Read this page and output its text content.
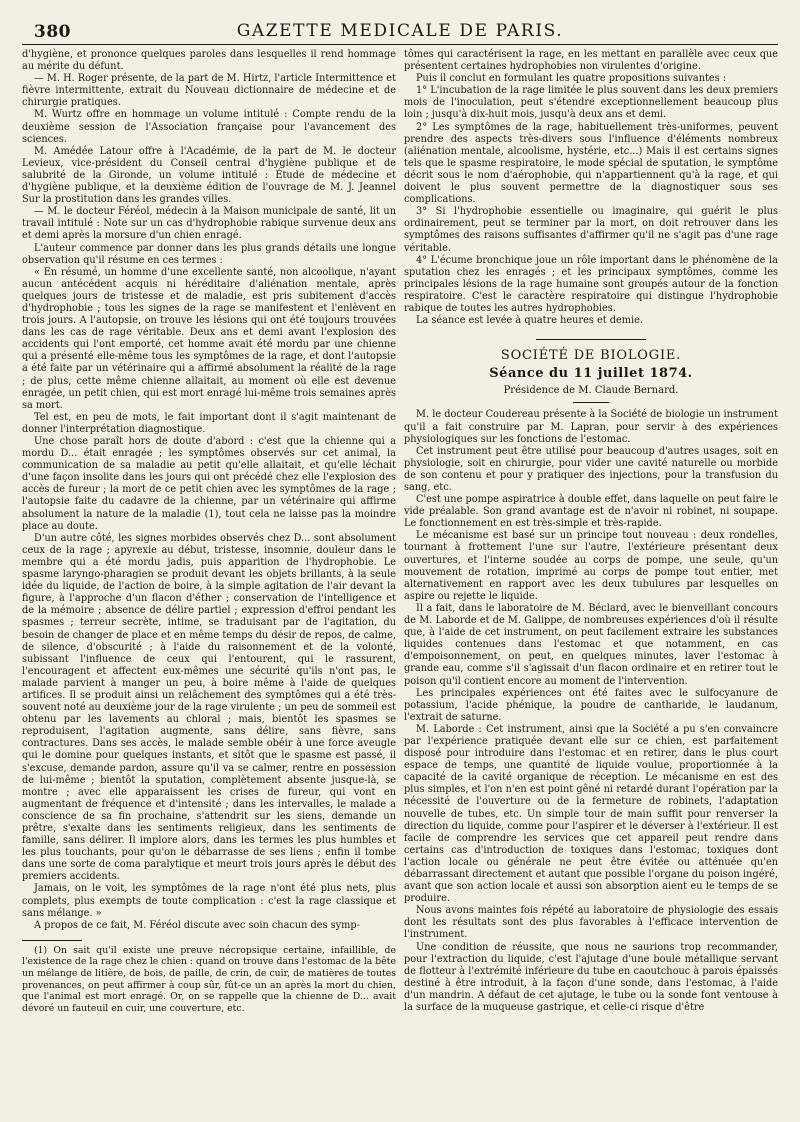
380	GAZETTE MEDICALE DE PARIS.

d'hygiène, et prononce quelques paroles dans lesquelles il rend hommage au mérite du défunt.

— M. H. Roger présente, de la part de M. Hirtz, l'article Intermittence et fièvre intermittente, extrait du Nouveau dictionnaire de médecine et de chirurgie pratiques.

M. Wurtz offre en hommage un volume intitulé : Compte rendu de la deuxième session de l'Association française pour l'avancement des sciences.

M. Amédée Latour offre à l'Académie, de la part de M. le docteur Levieux, vice-président du Conseil central d'hygiène publique et de salubrité de la Gironde, un volume intitulé : Étude de médecine et d'hygiène publique, et la deuxième édition de l'ouvrage de M. J. Jeannel Sur la prostitution dans les grandes villes.

— M. le docteur Féréol, médecin à la Maison municipale de santé, lit un travail intitulé : Note sur un cas d'hydrophobie rabique survenue deux ans et demi après la morsure d'un chien enragé.

L'auteur commence par donner dans les plus grands détails une longue observation qu'il résume en ces termes :

« En résumé, un homme d'une excellente santé, non alcoolique, n'ayant aucun antécédent acquis ni héréditaire d'aliénation mentale, après quelques jours de tristesse et de maladie, est pris subitement d'accès d'hydrophobie ; tous les signes de la rage se manifestent et l'enlèvent en trois jours. A l'autopsie, on trouve les lésions qui ont été toujours trouvées dans les cas de rage véritable. Deux ans et demi avant l'explosion des accidents qui l'ont emporté, cet homme avait été mordu par une chienne qui a présenté elle-même tous les symptômes de la rage, et dont l'autopsie a été faite par un vétérinaire qui a affirmé absolument la réalité de la rage ; de plus, cette même chienne allaitait, au moment où elle est devenue enragée, un petit chien, qui est mort enragé lui-même trois semaines après sa mort.

Tel est, en peu de mots, le fait important dont il s'agit maintenant de donner l'interprétation diagnostique.

Une chose paraît hors de doute d'abord : c'est que la chienne qui a mordu D... était enragée ; les symptômes observés sur cet animal, la communication de sa maladie au petit qu'elle allaitait, et qu'elle léchait d'une façon insolite dans les jours qui ont précédé chez elle l'explosion des accès de fureur ; la mort de ce petit chien avec les symptômes de la rage ; l'autopsie faite du cadavre de la chienne, par un vétérinaire qui affirme absolument la nature de la maladie (1), tout cela ne laisse pas la moindre place au doute.

D'un autre côté, les signes morbides observés chez D... sont absolument ceux de la rage ; apyrexie au début, tristesse, insomnie, douleur dans le membre qui a été mordu jadis, puis apparition de l'hydrophobie. Le spasme laryngo-pharagien se produit devant les objets brillants, à la seule idée du liquide, de l'action de boire, à la simple agitation de l'air devant la figure, à l'approche d'un flacon d'éther ; conservation de l'intelligence et de la mémoire ; absence de délire partiel ; expression d'effroi pendant les spasmes ; terreur secrète, intime, se traduisant par de l'agitation, du besoin de changer de place et en même temps du désir de repos, de calme, de silence, d'obscurité ; à l'aide du raisonnement et de la volonté, subissant l'influence de ceux qui l'entourent, qui le rassurent, l'encouragent et affectent eux-mêmes une sécurité qu'ils n'ont pas, le malade parvient à manger un peu, à boire même à l'aide de quelques artifices. Il se produit ainsi un relâchement des symptômes qui a été très-souvent noté au deuxième jour de la rage virulente ; un peu de sommeil est obtenu par les lavements au chloral ; mais, bientôt les spasmes se reproduisent, l'agitation augmente, sans délire, sans fièvre, sans contractures. Dans ses accès, le malade semble obéir à une force aveugle qui le domine pour quelques instants, et sitôt que le spasme est passé, il s'excuse, demande pardon, assure qu'il va se calmer, rentre en possession de lui-même ; bientôt la sputation, complètement absente jusque-là, se montre ; avec elle apparaissent les crises de fureur, qui vont en augmentant de fréquence et d'intensité ; dans les intervalles, le malade a conscience de sa fin prochaine, s'attendrit sur les siens, demande un prêtre, s'exalte dans les sentiments religieux, dans les sentiments de famille, sans délirer. Il implore alors, dans les termes les plus humbles et les plus touchants, pour qu'on le débarrasse de ses liens ; enfin il tombe dans une sorte de coma paralytique et meurt trois jours après le début des premiers accidents.

Jamais, on le voit, les symptômes de la rage n'ont été plus nets, plus complets, plus exempts de toute complication : c'est la rage classique et sans mélange. »

A propos de ce fait, M. Féréol discute avec soin chacun des symp-

(1) On sait qu'il existe une preuve nécropsique certaine, infaillible, de l'existence de la rage chez le chien : quand on trouve dans l'estomac de la bête un mélange de litière, de bois, de paille, de crin, de cuir, de matières de toutes provenances, on peut affirmer à coup sûr, fût-ce un an après la mort du chien, que l'animal est mort enragé. Or, on se rappelle que la chienne de D... avait dévoré un fauteuil en cuir, une couverture, etc.

tômes qui caractérisent la rage, en les mettant en parallèle avec ceux que présentent certaines hydrophobies non virulentes d'origine.

Puis il conclut en formulant les quatre propositions suivantes :

1° L'incubation de la rage limitée le plus souvent dans les deux premiers mois de l'inoculation, peut s'étendre exceptionnellement beaucoup plus loin ; jusqu'à dix-huit mois, jusqu'à deux ans et demi.

2° Les symptômes de la rage, habituellement très-uniformes, peuvent prendre des aspects très-divers sous l'influence d'éléments nombreux (aliénation mentale, alcoolisme, hystérie, etc...) Mais il est certains signes tels que le spasme respiratoire, le mode spécial de sputation, le symptôme décrit sous le nom d'aérophobie, qui n'appartiennent qu'à la rage, et qui doivent le plus souvent permettre de la diagnostiquer sous ses complications.

3° Si l'hydrophobie essentielle ou imaginaire, qui guérit le plus ordinairement, peut se terminer par la mort, on doit retrouver dans les symptômes des raisons suffisantes d'affirmer qu'il ne s'agit pas d'une rage véritable.

4° L'écume bronchique joue un rôle important dans le phénomène de la sputation chez les enragés ; et les principaux symptômes, comme les principales lésions de la rage humaine sont groupés autour de la fonction respiratoire. C'est le caractère respiratoire qui distingue l'hydrophobie rabique de toutes les autres hydrophobies.

La séance est levée à quatre heures et demie.

SOCIÉTÉ DE BIOLOGIE.
Séance du 11 juillet 1874.
Présidence de M. Claude Bernard.

M. le docteur Coudereau présente à la Société de biologie un instrument qu'il a fait construire par M. Lapran, pour servir à des expériences physiologiques sur les fonctions de l'estomac.

Cet instrument peut être utilisé pour beaucoup d'autres usages, soit en physiologie, soit en chirurgie, pour vider une cavité naturelle ou morbide de son contenu et pour y pratiquer des injections, pour la transfusion du sang, etc.

C'est une pompe aspiratrice à double effet, dans laquelle on peut faire le vide préalable. Son grand avantage est de n'avoir ni robinet, ni soupape. Le fonctionnement en est très-simple et très-rapide.

Le mécanisme est basé sur un principe tout nouveau : deux rondelles, tournant à frottement l'une sur l'autre, l'extérieure présentant deux ouvertures, et l'interne soudée au corps de pompe, une seule, qu'un mouvement de rotation, imprimé au corps de pompe tout entier, met alternativement en rapport avec les deux tubulures par lesquelles on aspire ou rejette le liquide.

Il a fait, dans le laboratoire de M. Béclard, avec le bienveillant concours de M. Laborde et de M. Galippe, de nombreuses expériences d'où il résulte que, à l'aide de cet instrument, on peut facilement extraire les substances liquides contenues dans l'estomac et que notamment, en cas d'empoisonnement, on peut, en quelques minutes, laver l'estomac à grande eau, comme s'il s'agissait d'un flacon ordinaire et en retirer tout le poison qu'il contient encore au moment de l'intervention.

Les principales expériences ont été faites avec le sulfocyanure de potassium, l'acide phénique, la poudre de cantharide, le laudanum, l'extrait de saturne.

M. Laborde : Cet instrument, ainsi que la Société a pu s'en convaincre par l'expérience pratiquée devant elle sur ce chien, est parfaitement disposé pour introduire dans l'estomac et en retirer, dans le plus court espace de temps, une quantité de liquide voulue, proportionnée à la capacité de la cavité organique de réception. Le mécanisme en est des plus simples, et l'on n'en est point gêné ni retardé durant l'opération par la nécessité de l'ouverture ou de la fermeture de robinets, l'adaptation nouvelle de tubes, etc. Un simple tour de main suffit pour renverser la direction du liquide, comme pour l'aspirer et le déverser à l'extérieur. Il est facile de comprendre les services que cet appareil peut rendre dans certains cas d'introduction de toxiques dans l'estomac, toxiques dont l'action locale ou générale ne peut être évitée ou atténuée qu'en débarrassant directement et autant que possible l'organe du poison ingéré, avant que son action locale et aussi son absorption aient eu le temps de se produire.

Nous avons maintes fois répété au laboratoire de physiologie des essais dont les résultats sont des plus favorables à l'efficace intervention de l'instrument.

Une condition de réussite, que nous ne saurions trop recommander, pour l'extraction du liquide, c'est l'ajutage d'une boule métallique servant de flotteur à l'extrémité inférieure du tube en caoutchouc à parois épaissés destiné à être introduit, à la façon d'une sonde, dans l'estomac, à l'aide d'un mandrin. A défaut de cet ajutage, le tube ou la sonde font ventouse à la surface de la muqueuse gastrique, et celle-ci risque d'être
